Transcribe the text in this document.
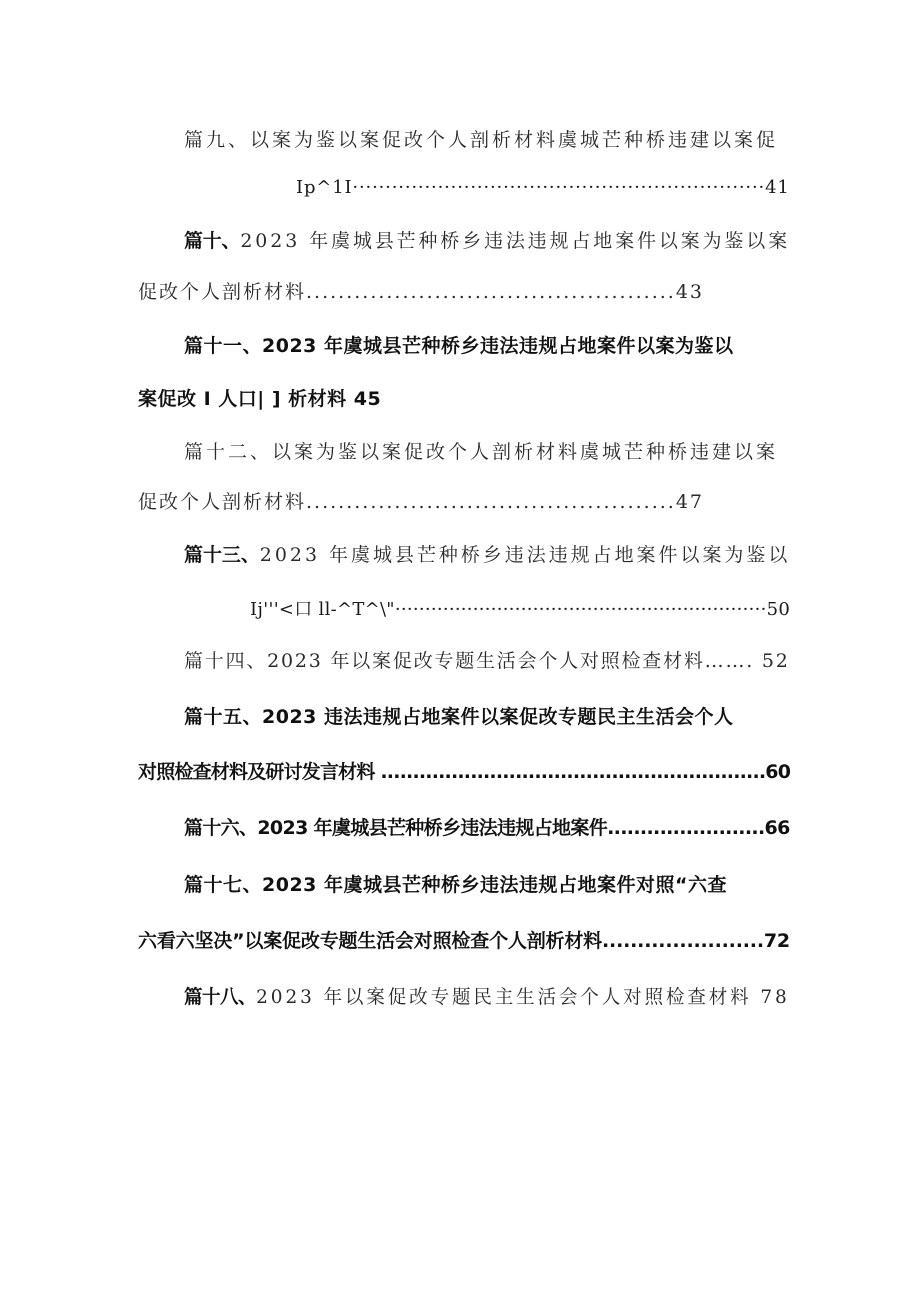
篇九、以案为鉴以案促改个人剖析材料虞城芒种桥违建以案促
Ip^1I·······························································41
篇十、2023 年虞城县芒种桥乡违法违规占地案件以案为鉴以案
促改个人剖析材料..............................................43
篇十一、2023 年虞城县芒种桥乡违法违规占地案件以案为鉴以
案促改 I 人口| ] 析材料 45
篇十二、以案为鉴以案促改个人剖析材料虞城芒种桥违建以案
促改个人剖析材料..............................................47
篇十三、2023 年虞城县芒种桥乡违法违规占地案件以案为鉴以
Ij'''<口 ll-^T^\"······························································50
篇十四、2023 年以案促改专题生活会个人对照检查材料……. 52
篇十五、2023 违法违规占地案件以案促改专题民主生活会个人
对照检查材料及研讨发言材料 ............................................................60
篇十六、2023 年虞城县芒种桥乡违法违规占地案件........................66
篇十七、2023 年虞城县芒种桥乡违法违规占地案件对照“六查
六看六坚决”以案促改专题生活会对照检查个人剖析材料.......................72
篇十八、2023 年以案促改专题民主生活会个人对照检查材料 78
